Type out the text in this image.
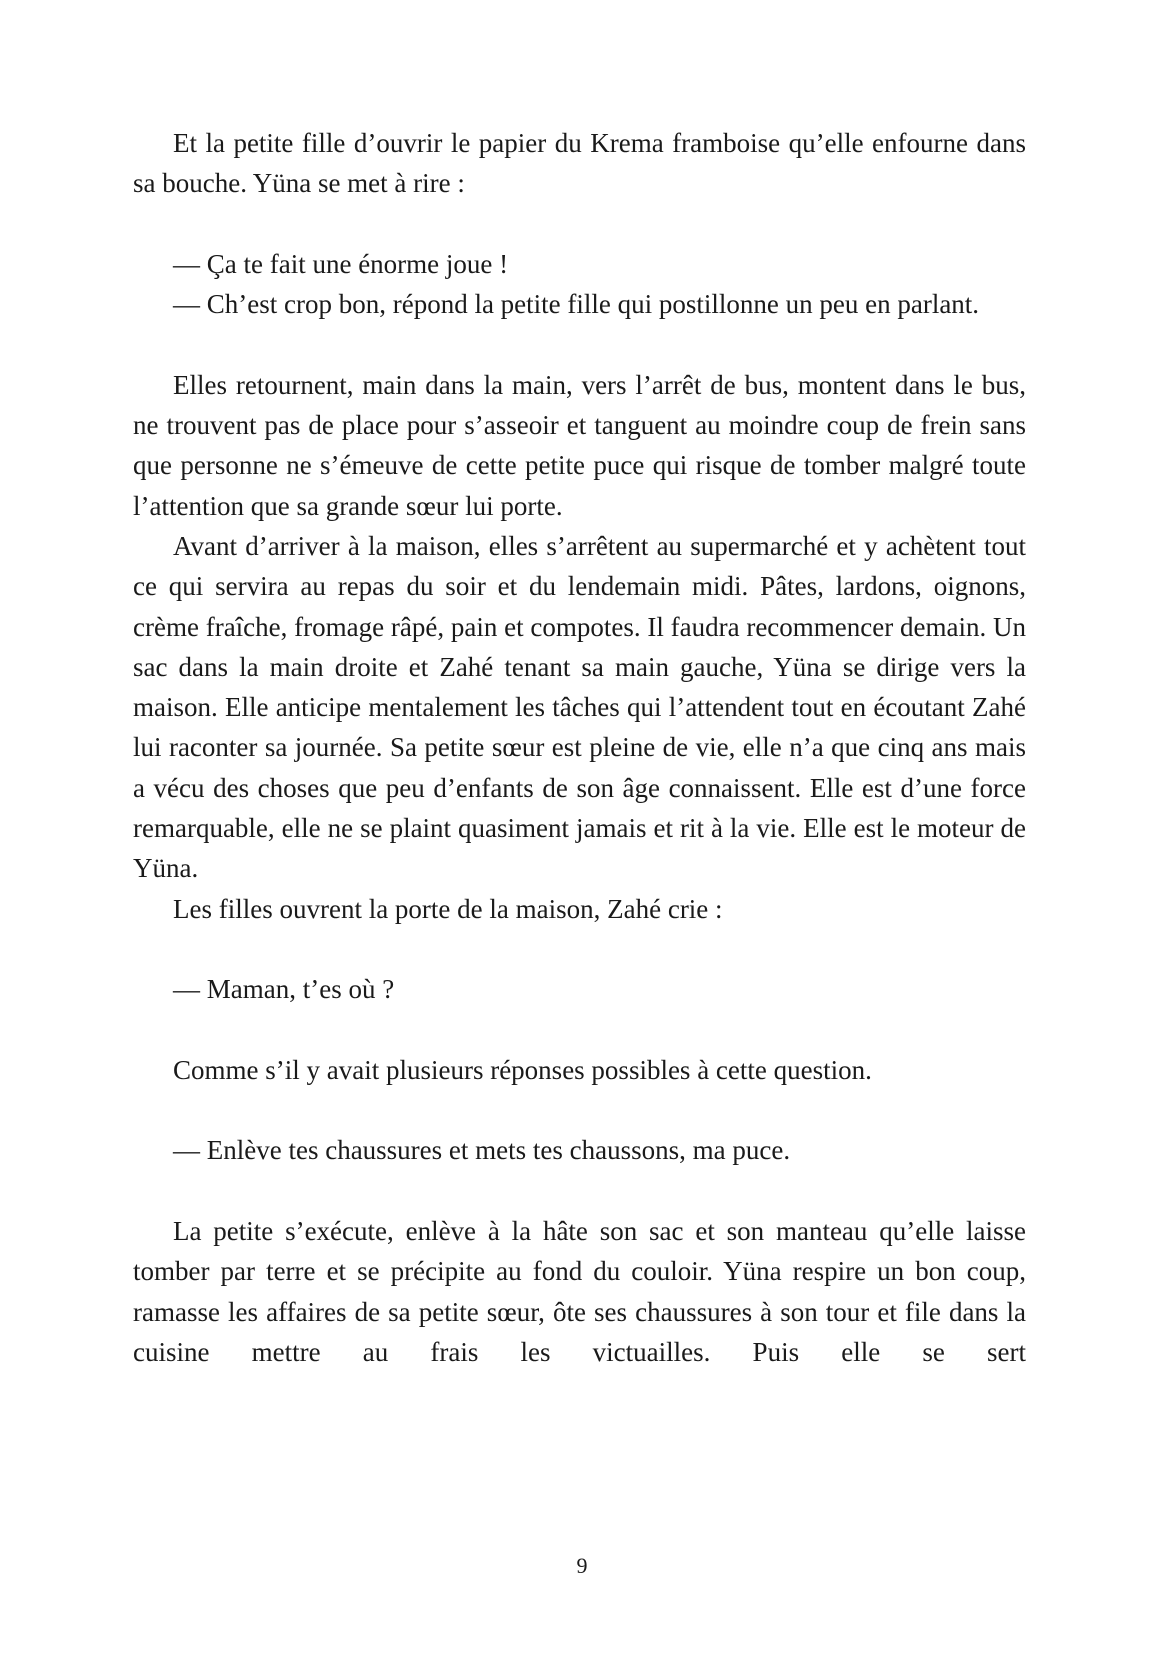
Et la petite fille d’ouvrir le papier du Krema framboise qu’elle enfourne dans sa bouche. Yüna se met à rire :

— Ça te fait une énorme joue !

— Ch’est crop bon, répond la petite fille qui postillonne un peu en parlant.

Elles retournent, main dans la main, vers l’arrêt de bus, montent dans le bus, ne trouvent pas de place pour s’asseoir et tanguent au moindre coup de frein sans que personne ne s’émeuve de cette petite puce qui risque de tomber malgré toute l’attention que sa grande sœur lui porte.

Avant d’arriver à la maison, elles s’arrêtent au supermarché et y achètent tout ce qui servira au repas du soir et du lendemain midi. Pâtes, lardons, oignons, crème fraîche, fromage râpé, pain et compotes. Il faudra recommencer demain. Un sac dans la main droite et Zahé tenant sa main gauche, Yüna se dirige vers la maison. Elle anticipe mentalement les tâches qui l’attendent tout en écoutant Zahé lui raconter sa journée. Sa petite sœur est pleine de vie, elle n’a que cinq ans mais a vécu des choses que peu d’enfants de son âge connaissent. Elle est d’une force remarquable, elle ne se plaint quasiment jamais et rit à la vie. Elle est le moteur de Yüna.

Les filles ouvrent la porte de la maison, Zahé crie :

— Maman, t’es où ?

Comme s’il y avait plusieurs réponses possibles à cette question.

— Enlève tes chaussures et mets tes chaussons, ma puce.

La petite s’exécute, enlève à la hâte son sac et son manteau qu’elle laisse tomber par terre et se précipite au fond du couloir. Yüna respire un bon coup, ramasse les affaires de sa petite sœur, ôte ses chaussures à son tour et file dans la cuisine mettre au frais les victuailles. Puis elle se sert

9
